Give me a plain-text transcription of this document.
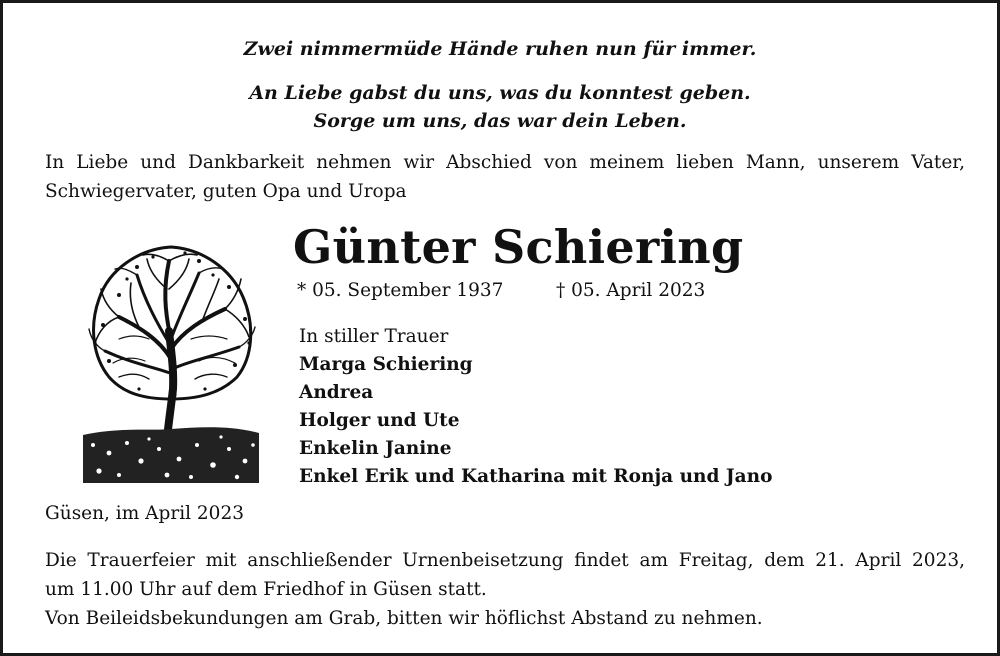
Zwei nimmermüde Hände ruhen nun für immer.
An Liebe gabst du uns, was du konntest geben.
Sorge um uns, das war dein Leben.
In Liebe und Dankbarkeit nehmen wir Abschied von meinem lieben Mann, unserem Vater,
Schwiegervater, guten Opa und Uropa
Günter Schiering
* 05. September 1937	† 05. April 2023
In stiller Trauer
Marga Schiering
Andrea
Holger und Ute
Enkelin Janine
Enkel Erik und Katharina mit Ronja und Jano
Güsen, im April 2023
Die Trauerfeier mit anschließender Urnenbeisetzung findet am Freitag, dem 21. April 2023,
um 11.00 Uhr auf dem Friedhof in Güsen statt.
Von Beileidsbekundungen am Grab, bitten wir höflichst Abstand zu nehmen.
